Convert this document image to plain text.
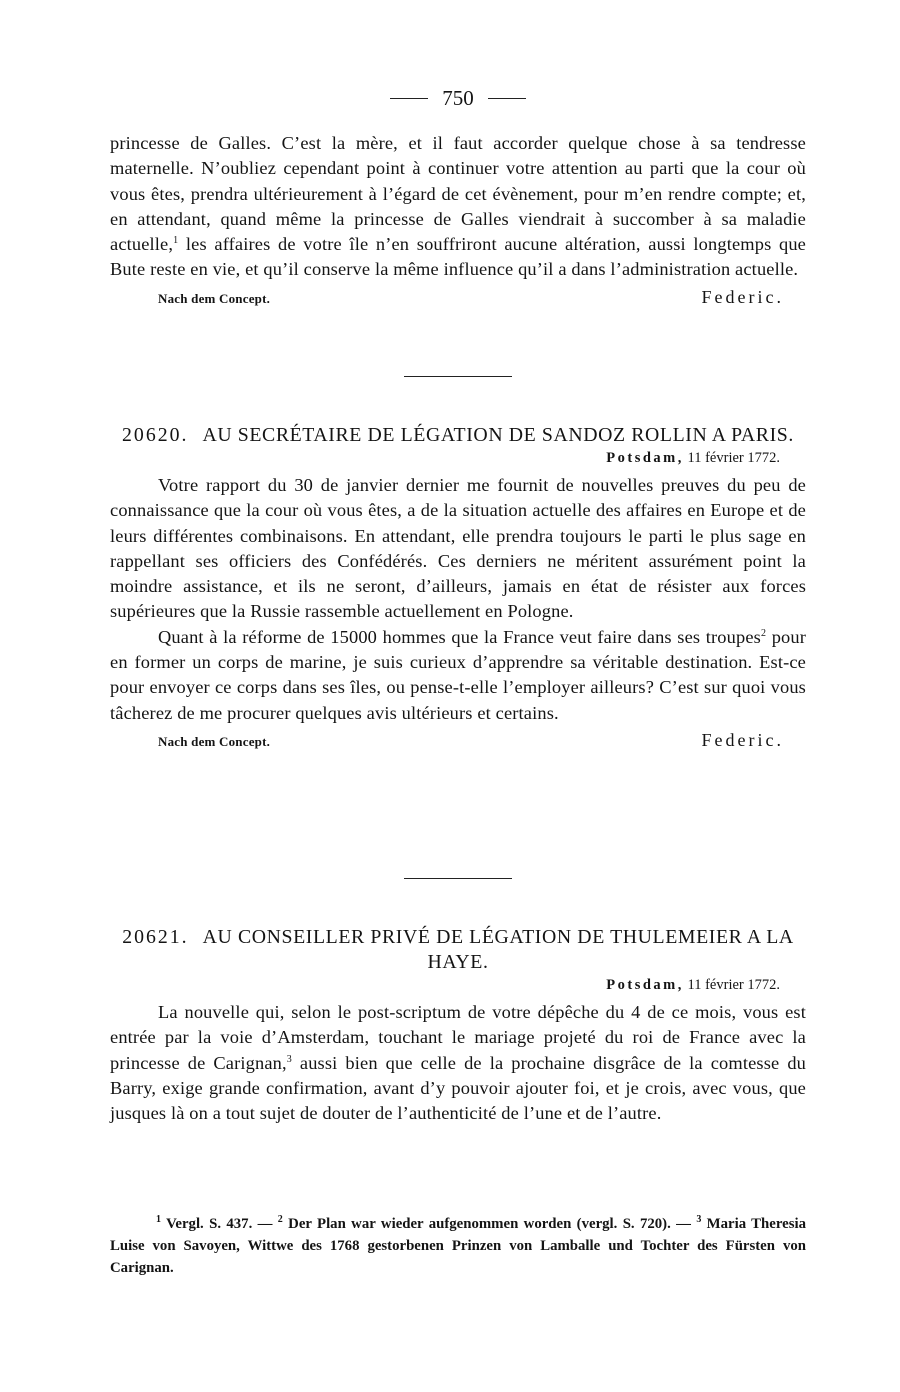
750

princesse de Galles. C’est la mère, et il faut accorder quelque chose à sa tendresse maternelle. N’oubliez cependant point à continuer votre attention au parti que la cour où vous êtes, prendra ultérieurement à l’égard de cet évènement, pour m’en rendre compte; et, en attendant, quand même la princesse de Galles viendrait à succomber à sa maladie actuelle,$^1$ les affaires de votre île n’en souffriront aucune altération, aussi longtemps que Bute reste en vie, et qu’il conserve la même influence qu’il a dans l’administration actuelle.

Nach dem Concept.	Federic.
20620. AU SECRÉTAIRE DE LÉGATION DE SANDOZ ROLLIN A PARIS.
Potsdam, 11 février 1772.

Votre rapport du 30 de janvier dernier me fournit de nouvelles preuves du peu de connaissance que la cour où vous êtes, a de la situation actuelle des affaires en Europe et de leurs différentes combinaisons. En attendant, elle prendra toujours le parti le plus sage en rappellant ses officiers des Confédérés. Ces derniers ne méritent assurément point la moindre assistance, et ils ne seront, d’ailleurs, jamais en état de résister aux forces supérieures que la Russie rassemble actuellement en Pologne.

Quant à la réforme de 15000 hommes que la France veut faire dans ses troupes$^2$ pour en former un corps de marine, je suis curieux d’apprendre sa véritable destination. Est-ce pour envoyer ce corps dans ses îles, ou pense-t-elle l’employer ailleurs? C’est sur quoi vous tâcherez de me procurer quelques avis ultérieurs et certains.

Nach dem Concept.	Federic.
20621. AU CONSEILLER PRIVÉ DE LÉGATION DE THULEMEIER A LA HAYE.
Potsdam, 11 février 1772.

La nouvelle qui, selon le post-scriptum de votre dépêche du 4 de ce mois, vous est entrée par la voie d’Amsterdam, touchant le mariage projeté du roi de France avec la princesse de Carignan,$^3$ aussi bien que celle de la prochaine disgrâce de la comtesse du Barry, exige grande confirmation, avant d’y pouvoir ajouter foi, et je crois, avec vous, que jusques là on a tout sujet de douter de l’authenticité de l’une et de l’autre.

$^1$ Vergl. S. 437. — $^2$ Der Plan war wieder aufgenommen worden (vergl. S. 720). — $^3$ Maria Theresia Luise von Savoyen, Wittwe des 1768 gestorbenen Prinzen von Lamballe und Tochter des Fürsten von Carignan.
